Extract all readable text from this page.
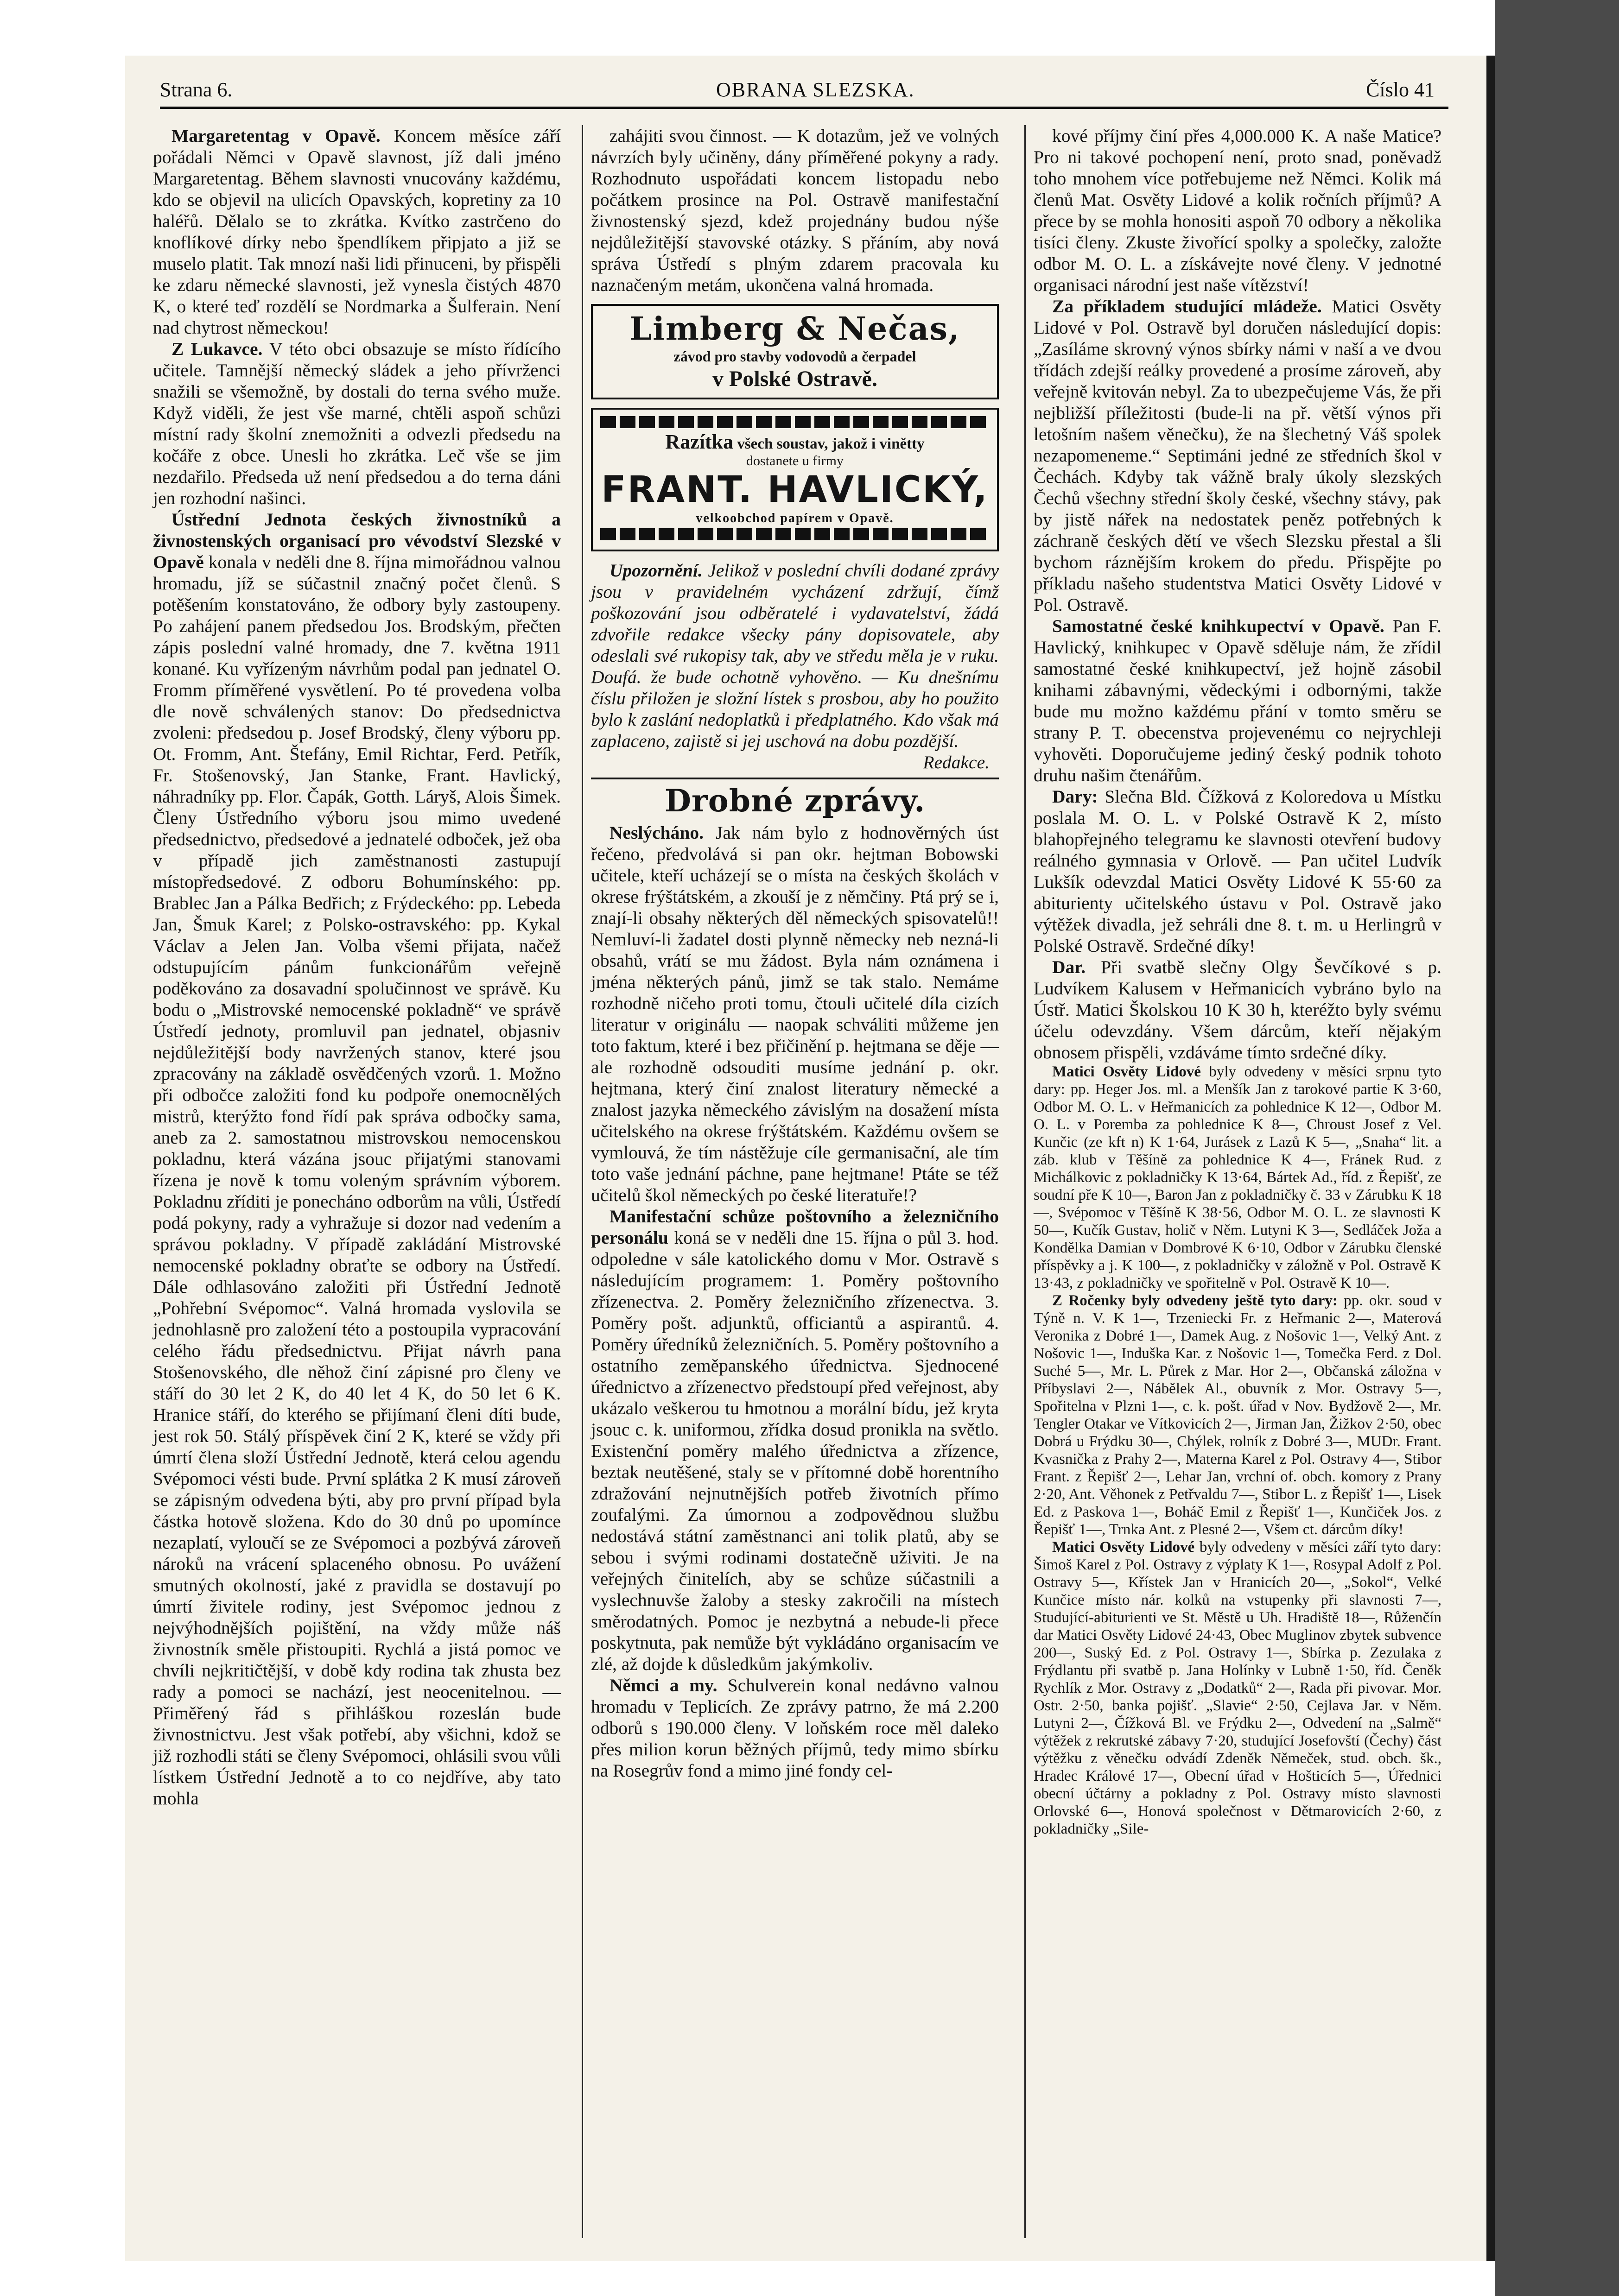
Strana 6.	OBRANA SLEZSKA.	Číslo 41

Margaretentag v Opavě. Koncem měsíce září pořádali Němci v Opavě slavnost, jíž dali jméno Margaretentag. Během slavnosti vnucovány každému, kdo se objevil na ulicích Opavských, kopretiny za 10 haléřů. Dělalo se to zkrátka. Kvítko zastrčeno do knoflíkové dírky nebo špendlíkem připjato a již se muselo platit. Tak mnozí naši lidi přinuceni, by přispěli ke zdaru německé slavnosti, jež vynesla čistých 4870 K, o které teď rozdělí se Nordmarka a Šulferain. Není nad chytrost německou!

Z Lukavce. V této obci obsazuje se místo řídícího učitele. Tamnější německý sládek a jeho přívrženci snažili se všemožně, by dostali do terna svého muže. Když viděli, že jest vše marné, chtěli aspoň schůzi místní rady školní znemožniti a odvezli předsedu na kočáře z obce. Unesli ho zkrátka. Leč vše se jim nezdařilo. Předseda už není předsedou a do terna dáni jen rozhodní našinci.

Ústřední Jednota českých živnostníků a živnostenských organisací pro vévodství Slezské v Opavě konala v neděli dne 8. října mimořádnou valnou hromadu, jíž se súčastnil značný počet členů. S potěšením konstatováno, že odbory byly zastoupeny. Po zahájení panem předsedou Jos. Brodským, přečten zápis poslední valné hromady, dne 7. května 1911 konané. Ku vyřízeným návrhům podal pan jednatel O. Fromm příměřené vysvětlení. Po té provedena volba dle nově schválených stanov: Do předsednictva zvoleni: předsedou p. Josef Brodský, členy výboru pp. Ot. Fromm, Ant. Štefány, Emil Richtar, Ferd. Petřík, Fr. Stošenovský, Jan Stanke, Frant. Havlický, náhradníky pp. Flor. Čapák, Gotth. Láryš, Alois Šimek. Členy Ústředního výboru jsou mimo uvedené předsednictvo, předsedové a jednatelé odboček, jež oba v případě jich zaměstnanosti zastupují místopředsedové. Z odboru Bohumínského: pp. Brablec Jan a Pálka Bedřich; z Frýdeckého: pp. Lebeda Jan, Šmuk Karel; z Polsko-ostravského: pp. Kykal Václav a Jelen Jan. Volba všemi přijata, načež odstupujícím pánům funkcionářům veřejně poděkováno za dosavadní spolučinnost ve správě. Ku bodu o „Mistrovské nemocenské pokladně“ ve správě Ústředí jednoty, promluvil pan jednatel, objasniv nejdůležitější body navržených stanov, které jsou zpracovány na základě osvědčených vzorů. 1. Možno při odbočce založiti fond ku podpoře onemocnělých mistrů, kterýžto fond řídí pak správa odbočky sama, aneb za 2. samostatnou mistrovskou nemocenskou pokladnu, která vázána jsouc přijatými stanovami řízena je nově k tomu voleným správním výborem. Pokladnu zříditi je ponecháno odborům na vůli, Ústředí podá pokyny, rady a vyhražuje si dozor nad vedením a správou pokladny. V případě zakládání Mistrovské nemocenské pokladny obraťte se odbory na Ústředí. Dále odhlasováno založiti při Ústřední Jednotě „Pohřební Svépomoc“. Valná hromada vyslovila se jednohlasně pro založení této a postoupila vypracování celého řádu předsednictvu. Přijat návrh pana Stošenovského, dle něhož činí zápisné pro členy ve stáří do 30 let 2 K, do 40 let 4 K, do 50 let 6 K. Hranice stáří, do kterého se přijímaní členi díti bude, jest rok 50. Stálý příspěvek činí 2 K, které se vždy při úmrtí člena složí Ústřední Jednotě, která celou agendu Svépomoci vésti bude. První splátka 2 K musí zároveň se zápisným odvedena býti, aby pro první případ byla částka hotově složena. Kdo do 30 dnů po upomínce nezaplatí, vyloučí se ze Svépomoci a pozbývá zároveň nároků na vrácení splaceného obnosu. Po uvážení smutných okolností, jaké z pravidla se dostavují po úmrtí živitele rodiny, jest Svépomoc jednou z nejvýhodnějších pojištění, na vždy může náš živnostník směle přistoupiti. Rychlá a jistá pomoc ve chvíli nejkritičtější, v době kdy rodina tak zhusta bez rady a pomoci se nachází, jest neocenitelnou. — Přiměřený řád s přihláškou rozeslán bude živnostnictvu. Jest však potřebí, aby všichni, kdož se již rozhodli státi se členy Svépomoci, ohlásili svou vůli lístkem Ústřední Jednotě a to co nejdříve, aby tato mohla

zahájiti svou činnost. — K dotazům, jež ve volných návrzích byly učiněny, dány příměřené pokyny a rady. Rozhodnuto uspořádati koncem listopadu nebo počátkem prosince na Pol. Ostravě manifestační živnostenský sjezd, kdež projednány budou nýše nejdůležitější stavovské otázky. S přáním, aby nová správa Ústředí s plným zdarem pracovala ku naznačeným metám, ukončena valná hromada.

Limberg & Nečas,
závod pro stavby vodovodů a čerpadel
v Polské Ostravě.
Razítka všech soustav, jakož i vinětty
dostanete u firmy
FRANT. HAVLICKÝ,
velkoobchod papírem v Opavě.

Upozornění. Jelikož v poslední chvíli dodané zprávy jsou v pravidelném vycházení zdržují, čímž poškozování jsou odběratelé i vydavatelství, žádá zdvořile redakce všecky pány dopisovatele, aby odeslali své rukopisy tak, aby ve středu měla je v ruku. Doufá. že bude ochotně vyhověno. — Ku dnešnímu číslu přiložen je složní lístek s prosbou, aby ho použito bylo k zaslání nedoplatků i předplatného. Kdo však má zaplaceno, zajistě si jej uschová na dobu pozdější.

Redakce.
Drobné zprávy.

Neslýcháno. Jak nám bylo z hodnověrných úst řečeno, předvolává si pan okr. hejtman Bobowski učitele, kteří ucházejí se o místa na českých školách v okrese frýštátském, a zkouší je z němčiny. Ptá prý se i, znají-li obsahy některých děl německých spisovatelů!! Nemluví-li žadatel dosti plynně německy neb nezná-li obsahů, vrátí se mu žádost. Byla nám oznámena i jména některých pánů, jimž se tak stalo. Nemáme rozhodně ničeho proti tomu, čtouli učitelé díla cizích literatur v originálu — naopak schváliti můžeme jen toto faktum, které i bez přičinění p. hejtmana se děje — ale rozhodně odsouditi musíme jednání p. okr. hejtmana, který činí znalost literatury německé a znalost jazyka německého závislým na dosažení místa učitelského na okrese frýštátském. Každému ovšem se vymlouvá, že tím nástěžuje cíle germanisační, ale tím toto vaše jednání páchne, pane hejtmane! Ptáte se též učitelů škol německých po české literatuře!?

Manifestační schůze poštovního a železničního personálu koná se v neděli dne 15. října o půl 3. hod. odpoledne v sále katolického domu v Mor. Ostravě s následujícím programem: 1. Poměry poštovního zřízenectva. 2. Poměry železničního zřízenectva. 3. Poměry pošt. adjunktů, officiantů a aspirantů. 4. Poměry úředníků železničních. 5. Poměry poštovního a ostatního zeměpanského úřednictva. Sjednocené úřednictvo a zřízenectvo předstoupí před veřejnost, aby ukázalo veškerou tu hmotnou a morální bídu, jež kryta jsouc c. k. uniformou, zřídka dosud pronikla na světlo. Existenční poměry malého úřednictva a zřízence, beztak neutěšené, staly se v přítomné době horentního zdražování nejnutnějších potřeb životních přímo zoufalými. Za úmornou a zodpovědnou službu nedostává státní zaměstnanci ani tolik platů, aby se sebou i svými rodinami dostatečně uživiti. Je na veřejných činitelích, aby se schůze súčastnili a vyslechnuvše žaloby a stesky zakročili na místech směrodatných. Pomoc je nezbytná a nebude-li přece poskytnuta, pak nemůže být vykládáno organisacím ve zlé, až dojde k důsledkům jakýmkoliv.

Němci a my. Schulverein konal nedávno valnou hromadu v Teplicích. Ze zprávy patrno, že má 2.200 odborů s 190.000 členy. V loňském roce měl daleko přes milion korun běžných příjmů, tedy mimo sbírku na Rosegrův fond a mimo jiné fondy cel-

kové příjmy činí přes 4,000.000 K. A naše Matice? Pro ni takové pochopení není, proto snad, poněvadž toho mnohem více potřebujeme než Němci. Kolik má členů Mat. Osvěty Lidové a kolik ročních příjmů? A přece by se mohla honositi aspoň 70 odbory a několika tisíci členy. Zkuste živořící spolky a společky, založte odbor M. O. L. a získávejte nové členy. V jednotné organisaci národní jest naše vítězství!

Za příkladem studující mládeže. Matici Osvěty Lidové v Pol. Ostravě byl doručen následující dopis: „Zasíláme skrovný výnos sbírky námi v naší a ve dvou třídách zdejší reálky provedené a prosíme zároveň, aby veřejně kvitován nebyl. Za to ubezpečujeme Vás, že při nejbližší příležitosti (bude-li na př. větší výnos při letošním našem věnečku), že na šlechetný Váš spolek nezapomeneme.“ Septimáni jedné ze středních škol v Čechách. Kdyby tak vážně braly úkoly slezských Čechů všechny střední školy české, všechny stávy, pak by jistě nářek na nedostatek peněz potřebných k záchraně českých dětí ve všech Slezsku přestal a šli bychom rázněјším krokem do předu. Přispějte po příkladu našeho studentstva Matici Osvěty Lidové v Pol. Ostravě.

Samostatné české knihkupectví v Opavě. Pan F. Havlický, knihkupec v Opavě sděluje nám, že zřídil samostatné české knihkupectví, jež hojně zásobil knihami zábavnými, vědeckými i odbornými, takže bude mu možno každému přání v tomto směru se strany P. T. obecenstva projevenému co nejrychleji vyhověti. Doporučujeme jediný český podnik tohoto druhu našim čtenářům.

Dary: Slečna Bld. Čížková z Koloredova u Místku poslala M. O. L. v Polské Ostravě K 2, místo blahopřejného telegramu ke slavnosti otevření budovy reálného gymnasia v Orlově. — Pan učitel Ludvík Lukšík odevzdal Matici Osvěty Lidové K 55·60 za abiturienty učitelského ústavu v Pol. Ostravě jako výtěžek divadla, jež sehráli dne 8. t. m. u Herlingrů v Polské Ostravě. Srdečné díky!

Dar. Při svatbě slečny Olgy Ševčíkové s p. Ludvíkem Kalusem v Heřmanicích vybráno bylo na Ústř. Matici Školskou 10 K 30 h, kteréžto byly svému účelu odevzdány. Všem dárcům, kteří nějakým obnosem přispěli, vzdáváme tímto srdečné díky.

Matici Osvěty Lidové byly odvedeny v měsíci srpnu tyto dary: pp. Heger Jos. ml. a Menšík Jan z tarokové partie K 3·60, Odbor M. O. L. v Heřmanicích za pohlednice K 12—, Odbor M. O. L. v Poremba za pohlednice K 8—, Chroust Josef z Vel. Kunčic (ze kft n) K 1·64, Jurásek z Lazů K 5—, „Snaha“ lit. a záb. klub v Těšíně za pohlednice K 4—, Fránek Rud. z Michálkovic z pokladničky K 13·64, Bártek Ad., říd. z Řepišť, ze soudní pře K 10—, Baron Jan z pokladničky č. 33 v Zárubku K 18—, Svépomoc v Těšíně K 38·56, Odbor M. O. L. ze slavnosti K 50—, Kučík Gustav, holič v Něm. Lutyni K 3—, Sedláček Joža a Kondělka Damian v Dombrové K 6·10, Odbor v Zárubku členské příspěvky a j. K 100—, z pokladničky v záložně v Pol. Ostravě K 13·43, z pokladničky ve spořitelně v Pol. Ostravě K 10—.

Z Ročenky byly odvedeny ještě tyto dary: pp. okr. soud v Týně n. V. K 1—, Trzeniecki Fr. z Heřmanic 2—, Materová Veronika z Dobré 1—, Damek Aug. z Nošovic 1—, Velký Ant. z Nošovic 1—, Induška Kar. z Nošovic 1—, Tomečka Ferd. z Dol. Suché 5—, Mr. L. Půrek z Mar. Hor 2—, Občanská záložna v Příbyslavi 2—, Nábělek Al., obuvník z Mor. Ostravy 5—, Spořitelna v Plzni 1—, c. k. pošt. úřad v Nov. Bydžově 2—, Mr. Tengler Otakar ve Vítkovicích 2—, Jirman Jan, Žižkov 2·50, obec Dobrá u Frýdku 30—, Chýlek, rolník z Dobré 3—, MUDr. Frant. Kvasnička z Prahy 2—, Materna Karel z Pol. Ostravy 4—, Stibor Frant. z Řepišť 2—, Lehar Jan, vrchní of. obch. komory z Prany 2·20, Ant. Věhonek z Petřvaldu 7—, Stibor L. z Řepišť 1—, Lisek Ed. z Paskova 1—, Boháč Emil z Řepišť 1—, Kunčiček Jos. z Řepišť 1—, Trnka Ant. z Plesné 2—, Všem ct. dárcům díky!

Matici Osvěty Lidové byly odvedeny v měsíci září tyto dary: Šimoš Karel z Pol. Ostravy z výplaty K 1—, Rosypal Adolf z Pol. Ostravy 5—, Křístek Jan v Hranicích 20—, „Sokol“, Velké Kunčice místo nár. kolků na vstupenky při slavnosti 7—, Studující-abiturienti ve St. Městě u Uh. Hradiště 18—, Růženčín dar Matici Osvěty Lidové 24·43, Obec Muglinov zbytek subvence 200—, Suský Ed. z Pol. Ostravy 1—, Sbírka p. Zezulaka z Frýdlantu při svatbě p. Jana Holínky v Lubně 1·50, říd. Čeněk Rychlík z Mor. Ostravy z „Dodatků“ 2—, Rada při pivovar. Mor. Ostr. 2·50, banka pojišť. „Slavie“ 2·50, Cejlava Jar. v Něm. Lutyni 2—, Čížková Bl. ve Frýdku 2—, Odvedení na „Salmě“ výtěžek z rekrutské zábavy 7·20, studující Josefovští (Čechy) část výtěžku z věnečku odvádí Zdeněk Němeček, stud. obch. šk., Hradec Králové 17—, Obecní úřad v Hošticích 5—, Úřednici obecní účtárny a pokladny z Pol. Ostravy místo slavnosti Orlovské 6—, Honová společnost v Dětmarovicích 2·60, z pokladničky „Sile-
